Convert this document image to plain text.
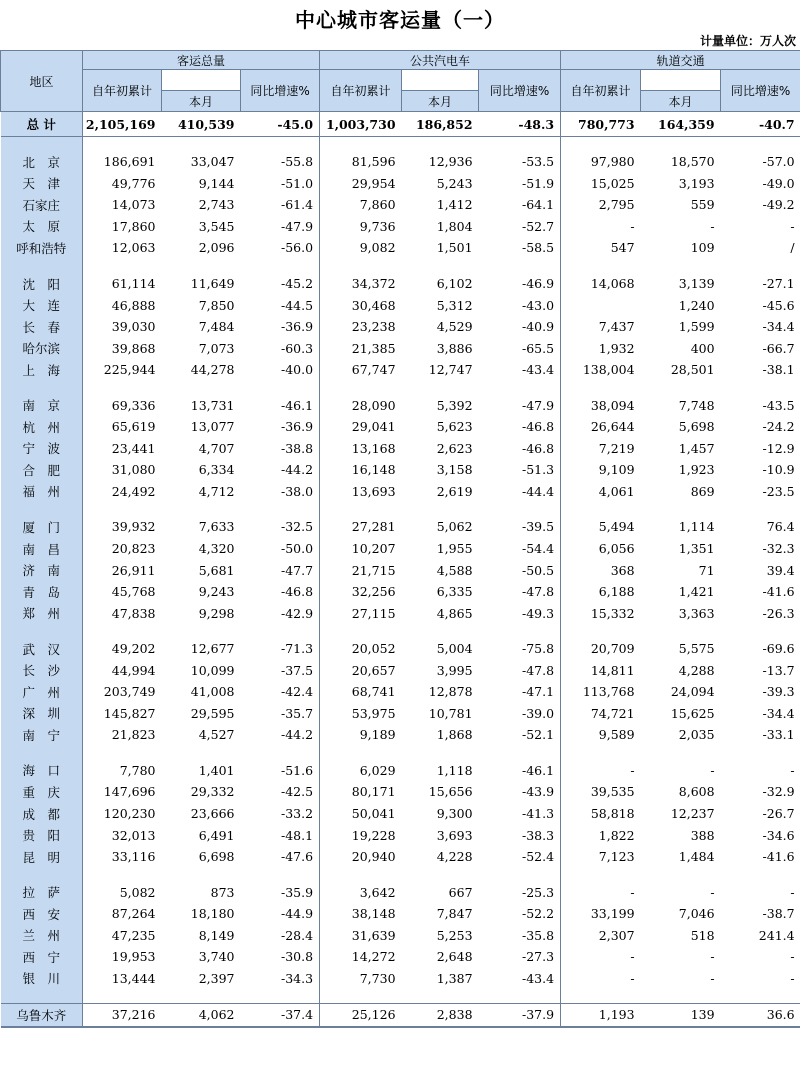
中心城市客运量（一）
计量单位：万人次
地区	客运总量			公共汽电车			轨道交通		
	自年初累计		同比增速%	自年初累计		同比增速%	自年初累计		同比增速%
		本月			本月			本月	
总 计	2,105,169	410,539	-45.0	1,003,730	186,852	-48.3	780,773	164,359	-40.7

北　京	186,691	33,047	-55.8	81,596	12,936	-53.5	97,980	18,570	-57.0
天　津	49,776	9,144	-51.0	29,954	5,243	-51.9	15,025	3,193	-49.0
石家庄	14,073	2,743	-61.4	7,860	1,412	-64.1	2,795	559	-49.2
太　原	17,860	3,545	-47.9	9,736	1,804	-52.7	-	-	-
呼和浩特	12,063	2,096	-56.0	9,082	1,501	-58.5	547	109	/

沈　阳	61,114	11,649	-45.2	34,372	6,102	-46.9	14,068	3,139	-27.1
大　连	46,888	7,850	-44.5	30,468	5,312	-43.0		1,240	-45.6
长　春	39,030	7,484	-36.9	23,238	4,529	-40.9	7,437	1,599	-34.4
哈尔滨	39,868	7,073	-60.3	21,385	3,886	-65.5	1,932	400	-66.7
上　海	225,944	44,278	-40.0	67,747	12,747	-43.4	138,004	28,501	-38.1

南　京	69,336	13,731	-46.1	28,090	5,392	-47.9	38,094	7,748	-43.5
杭　州	65,619	13,077	-36.9	29,041	5,623	-46.8	26,644	5,698	-24.2
宁　波	23,441	4,707	-38.8	13,168	2,623	-46.8	7,219	1,457	-12.9
合　肥	31,080	6,334	-44.2	16,148	3,158	-51.3	9,109	1,923	-10.9
福　州	24,492	4,712	-38.0	13,693	2,619	-44.4	4,061	869	-23.5

厦　门	39,932	7,633	-32.5	27,281	5,062	-39.5	5,494	1,114	76.4
南　昌	20,823	4,320	-50.0	10,207	1,955	-54.4	6,056	1,351	-32.3
济　南	26,911	5,681	-47.7	21,715	4,588	-50.5	368	71	39.4
青　岛	45,768	9,243	-46.8	32,256	6,335	-47.8	6,188	1,421	-41.6
郑　州	47,838	9,298	-42.9	27,115	4,865	-49.3	15,332	3,363	-26.3

武　汉	49,202	12,677	-71.3	20,052	5,004	-75.8	20,709	5,575	-69.6
长　沙	44,994	10,099	-37.5	20,657	3,995	-47.8	14,811	4,288	-13.7
广　州	203,749	41,008	-42.4	68,741	12,878	-47.1	113,768	24,094	-39.3
深　圳	145,827	29,595	-35.7	53,975	10,781	-39.0	74,721	15,625	-34.4
南　宁	21,823	4,527	-44.2	9,189	1,868	-52.1	9,589	2,035	-33.1

海　口	7,780	1,401	-51.6	6,029	1,118	-46.1	-	-	-
重　庆	147,696	29,332	-42.5	80,171	15,656	-43.9	39,535	8,608	-32.9
成　都	120,230	23,666	-33.2	50,041	9,300	-41.3	58,818	12,237	-26.7
贵　阳	32,013	6,491	-48.1	19,228	3,693	-38.3	1,822	388	-34.6
昆　明	33,116	6,698	-47.6	20,940	4,228	-52.4	7,123	1,484	-41.6

拉　萨	5,082	873	-35.9	3,642	667	-25.3	-	-	-
西　安	87,264	18,180	-44.9	38,148	7,847	-52.2	33,199	7,046	-38.7
兰　州	47,235	8,149	-28.4	31,639	5,253	-35.8	2,307	518	241.4
西　宁	19,953	3,740	-30.8	14,272	2,648	-27.3	-	-	-
银　川	13,444	2,397	-34.3	7,730	1,387	-43.4	-	-	-

乌鲁木齐	37,216	4,062	-37.4	25,126	2,838	-37.9	1,193	139	36.6
